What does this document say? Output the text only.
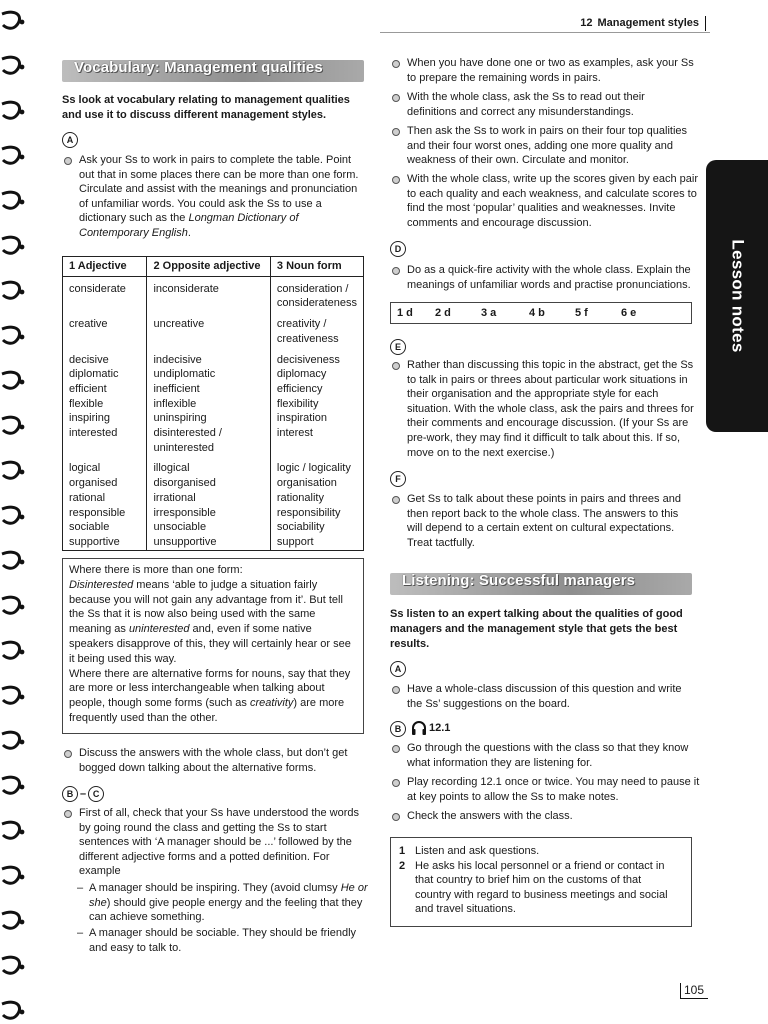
12 Management styles
Lesson notes
Vocabulary: Management qualities
Ss look at vocabulary relating to management qualities and use it to discuss different management styles.
A
Ask your Ss to work in pairs to complete the table. Point
out that in some places there can be more than one form.
Circulate and assist with the meanings and pronunciation
of unfamiliar words. You could ask the Ss to use a
dictionary such as the Longman Dictionary of
Contemporary English.
1 Adjective	2 Opposite adjective	3 Noun form
considerate	inconsiderate	consideration /
		considerateness
creative	uncreative	creativity /
		creativeness
decisive	indecisive	decisiveness
diplomatic	undiplomatic	diplomacy
efficient	inefficient	efficiency
flexible	inflexible	flexibility
inspiring	uninspiring	inspiration
interested	disinterested /	interest
	uninterested	
logical	illogical	logic / logicality
organised	disorganised	organisation
rational	irrational	rationality
responsible	irresponsible	responsibility
sociable	unsociable	sociability
supportive	unsupportive	support
Where there is more than one form:
Disinterested means ‘able to judge a situation fairly
because you will not gain any advantage from it’. But tell
the Ss that it is now also being used with the same
meaning as uninterested and, even if some native
speakers disapprove of this, they will certainly hear or see
it being used this way.
Where there are alternative forms for nouns, say that they
are more or less interchangeable when talking about
people, though some forms (such as creativity) are more
frequently used than the other.
Discuss the answers with the whole class, but don’t get
bogged down talking about the alternative forms.
B – C
First of all, check that your Ss have understood the words
by going round the class and getting the Ss to start
sentences with ‘A manager should be ...’ followed by the
different adjective forms and a potted definition. For
example
– A manager should be inspiring. They (avoid clumsy He or
she) should give people energy and the feeling that they
can achieve something.
– A manager should be sociable. They should be friendly
and easy to talk to.
When you have done one or two as examples, ask your Ss
to prepare the remaining words in pairs.
With the whole class, ask the Ss to read out their
definitions and correct any misunderstandings.
Then ask the Ss to work in pairs on their four top qualities
and their four worst ones, adding one more quality and
weakness of their own. Circulate and monitor.
With the whole class, write up the scores given by each pair
to each quality and each weakness, and calculate scores to
find the most ‘popular’ qualities and weaknesses. Invite
comments and encourage discussion.
D
Do as a quick-fire activity with the whole class. Explain the
meanings of unfamiliar words and practise pronunciations.
1 d 2 d	3 a	4 b	5 f	6 e
E
Rather than discussing this topic in the abstract, get the Ss
to talk in pairs or threes about particular work situations in
their organisation and the appropriate style for each
situation. With the whole class, ask the pairs and threes for
their comments and encourage discussion. (If your Ss are
pre-work, they may find it difficult to talk about this. If so,
move on to the next exercise.)
F
Get Ss to talk about these points in pairs and threes and
then report back to the whole class. The answers to this
will depend to a certain extent on cultural expectations.
Treat tactfully.
Listening: Successful managers
Ss listen to an expert talking about the qualities of good managers and the management style that gets the best results.
A
Have a whole-class discussion of this question and write
the Ss’ suggestions on the board.
B	12.1
Go through the questions with the class so that they know
what information they are listening for.
Play recording 12.1 once or twice. You may need to pause it
at key points to allow the Ss to make notes.
Check the answers with the class.
1 Listen and ask questions.
2 He asks his local personnel or a friend or contact in
that country to brief him on the customs of that
country with regard to business meetings and social
and travel situations.
105
